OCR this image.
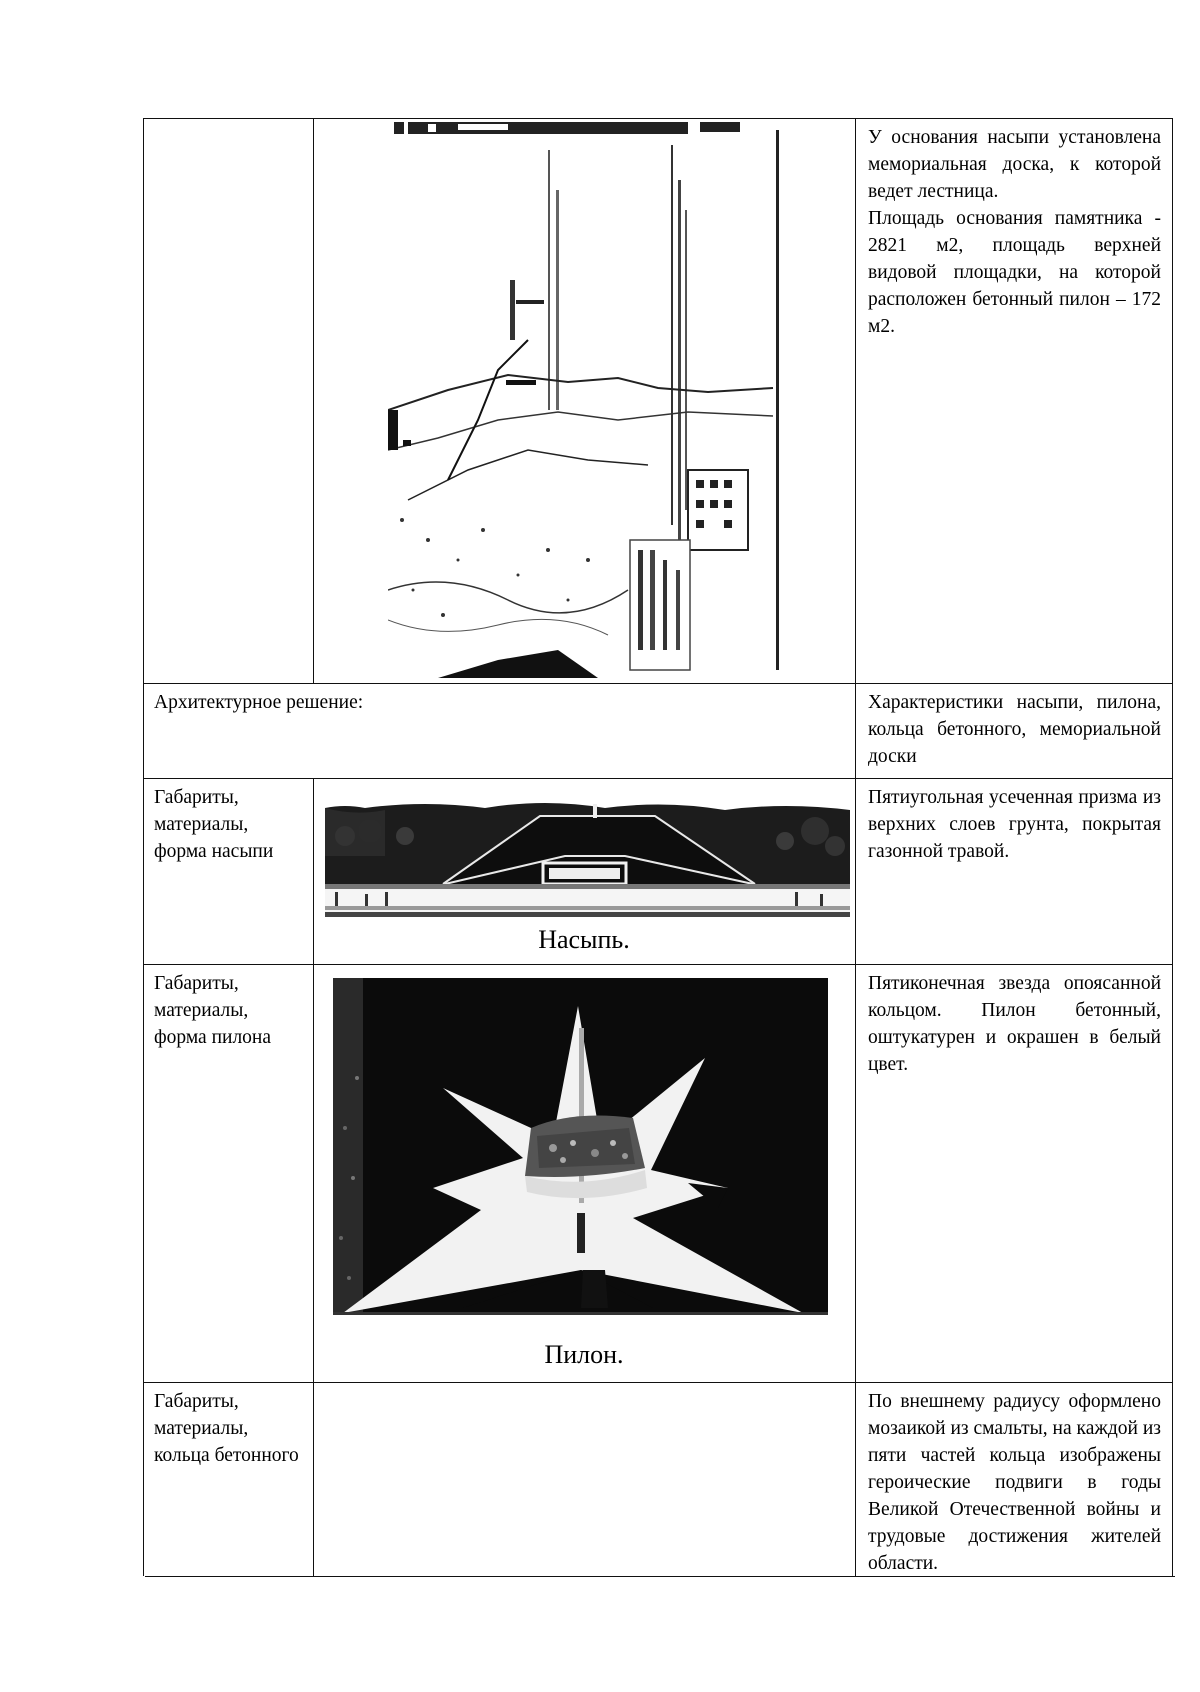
У основания насыпи установлена мемориальная доска, к которой ведет лестница.

Площадь основания памятника - 2821 м2, площадь верхней видовой площадки, на которой расположен бетонный пилон – 172 м2.

Архитектурное решение:	Характеристики насыпи, пилона, кольца бетонного, мемориальной доски
Габариты, материалы, форма насыпи
Насыпь.
Пятиугольная усеченная призма из верхних слоев грунта, покрытая газонной травой.
Габариты, материалы, форма пилона
Пилон.
Пятиконечная звезда опоясанной кольцом. Пилон бетонный, оштукатурен и окрашен в белый цвет.
Габариты, материалы, кольца бетонного
По внешнему радиусу оформлено мозаикой из смальты, на каждой из пяти частей кольца изображены героические подвиги в годы Великой Отечественной войны и трудовые достижения жителей области.
